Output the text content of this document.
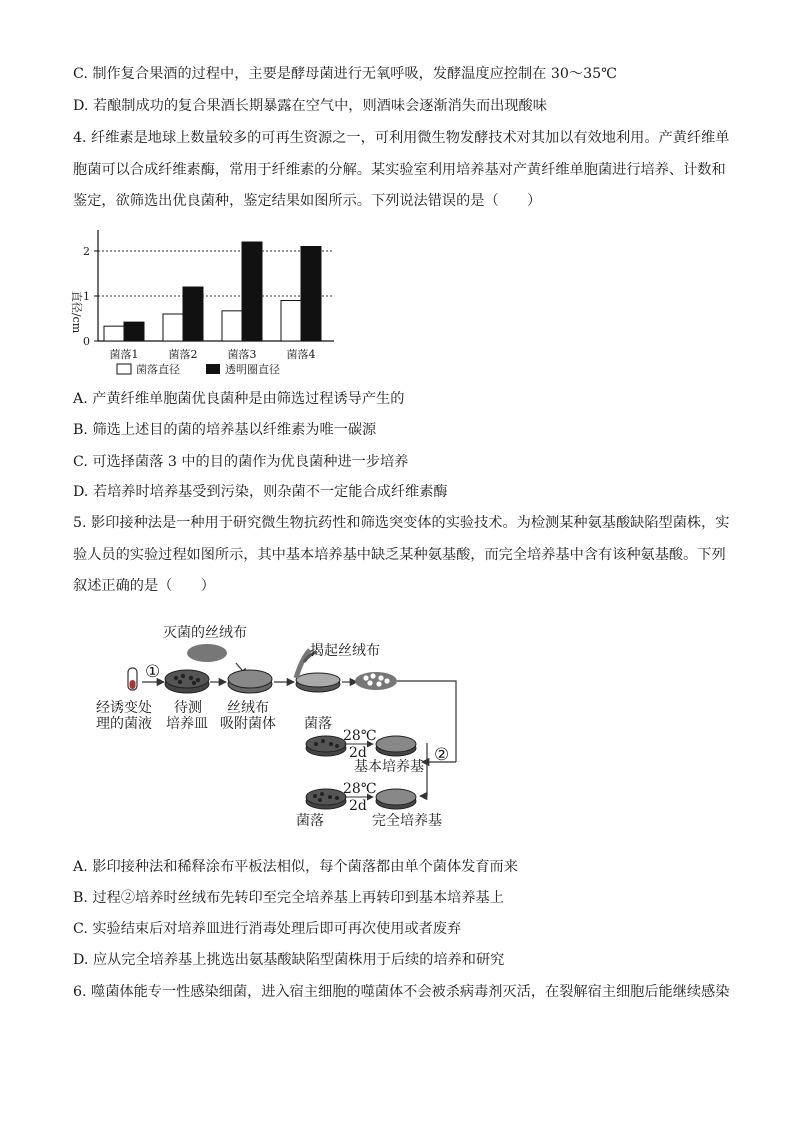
C. 制作复合果酒的过程中，主要是酵母菌进行无氧呼吸，发酵温度应控制在 30～35℃
D. 若酿制成功的复合果酒长期暴露在空气中，则酒味会逐渐消失而出现酸味
4. 纤维素是地球上数量较多的可再生资源之一，可利用微生物发酵技术对其加以有效地利用。产黄纤维单
胞菌可以合成纤维素酶，常用于纤维素的分解。某实验室利用培养基对产黄纤维单胞菌进行培养、计数和
鉴定，欲筛选出优良菌种，鉴定结果如图所示。下列说法错误的是（　　）
0
1
2
菌落1	菌落2	菌落3	菌落4
直径/cm
菌落直径	透明圈直径
A. 产黄纤维单胞菌优良菌种是由筛选过程诱导产生的
B. 筛选上述目的菌的培养基以纤维素为唯一碳源
C. 可选择菌落 3 中的目的菌作为优良菌种进一步培养
D. 若培养时培养基受到污染，则杂菌不一定能合成纤维素酶
5. 影印接种法是一种用于研究微生物抗药性和筛选突变体的实验技术。为检测某种氨基酸缺陷型菌株，实
验人员的实验过程如图所示，其中基本培养基中缺乏某种氨基酸，而完全培养基中含有该种氨基酸。下列
叙述正确的是（　　）
①
灭菌的丝绒布
揭起丝绒布
②
经诱变处
理的菌液
待测
培养皿
丝绒布
吸附菌体 菌落
28℃
2d
基本培养基
28℃
2d
菌落	完全培养基
A. 影印接种法和稀释涂布平板法相似，每个菌落都由单个菌体发育而来
B. 过程②培养时丝绒布先转印至完全培养基上再转印到基本培养基上
C. 实验结束后对培养皿进行消毒处理后即可再次使用或者废弃
D. 应从完全培养基上挑选出氨基酸缺陷型菌株用于后续的培养和研究
6. 噬菌体能专一性感染细菌，进入宿主细胞的噬菌体不会被杀病毒剂灭活，在裂解宿主细胞后能继续感染
